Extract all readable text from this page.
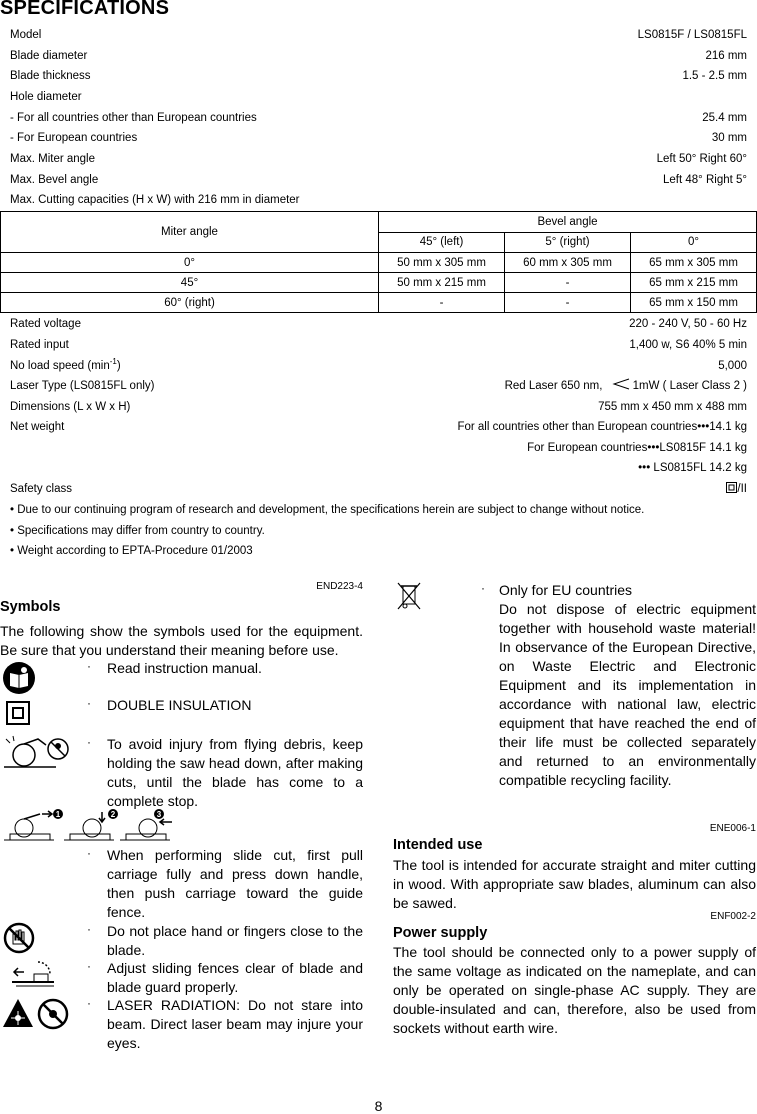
SPECIFICATIONS
Model	LS0815F / LS0815FL
Blade diameter	216 mm
Blade thickness	1.5 - 2.5 mm
Hole diameter
- For all countries other than European countries	25.4 mm
- For European countries	30 mm
Max. Miter angle	Left 50° Right 60°
Max. Bevel angle	Left 48° Right 5°
Max. Cutting capacities (H x W) with 216 mm in diameter
Miter angle	Bevel angle		
	45° (left)	5° (right)	0°
0°	50 mm x 305 mm	60 mm x 305 mm	65 mm x 305 mm
45°	50 mm x 215 mm	-	65 mm x 215 mm
60° (right)	-	-	65 mm x 150 mm
Rated voltage	220 - 240 V, 50 - 60 Hz
Rated input	1,400 w, S6 40% 5 min
No load speed $(\min^{-1})$	5,000
Laser Type (LS0815FL only)	Red Laser 650 nm,	1mW ( Laser Class 2 )
Dimensions (L x W x H)	755 mm x 450 mm x 488 mm
Net weight	For all countries other than European countries•••14.1 kg
For European countries•••LS0815F 14.1 kg
••• LS0815FL 14.2 kg
Safety class	/II
• Due to our continuing program of research and development, the specifications herein are subject to change without notice.
• Specifications may differ from country to country.
• Weight according to EPTA-Procedure 01/2003
END223-4
Symbols
The following show the symbols used for the equipment. Be sure that you understand their meaning before use.
· Read instruction manual.
· DOUBLE INSULATION
· To avoid injury from flying debris, keep holding the saw head down, after making cuts, until the blade has come to a complete stop.
1	2	3
· When performing slide cut, first pull carriage fully and press down handle, then push carriage toward the guide fence.
· Do not place hand or fingers close to the blade.
· Adjust sliding fences clear of blade and blade guard properly.
· LASER RADIATION: Do not stare into beam. Direct laser beam may injure your eyes.
· Only for EU countries
Do not dispose of electric equipment together with household waste material! In observance of the European Directive, on Waste Electric and Electronic Equipment and its implementation in accordance with national law, electric equipment that have reached the end of their life must be collected separately and returned to an environmentally compatible recycling facility.
ENE006-1
Intended use
The tool is intended for accurate straight and miter cutting in wood. With appropriate saw blades, aluminum can also be sawed.
ENF002-2
Power supply
The tool should be connected only to a power supply of the same voltage as indicated on the nameplate, and can only be operated on single-phase AC supply. They are double-insulated and can, therefore, also be used from sockets without earth wire.
8
